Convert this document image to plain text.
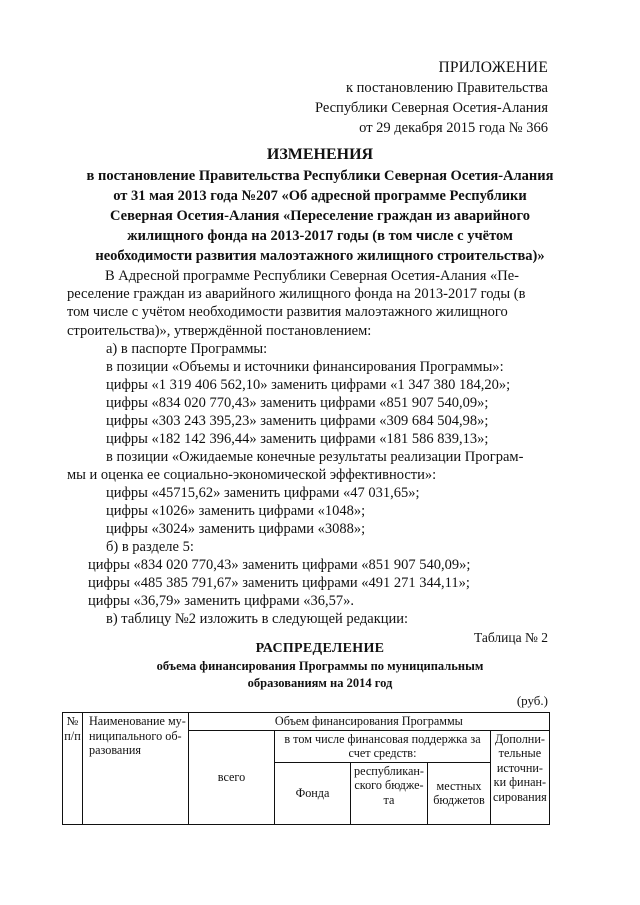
ПРИЛОЖЕНИЕ
к постановлению Правительства
Республики Северная Осетия-Алания
от 29 декабря 2015 года № 366
ИЗМЕНЕНИЯ
в постановление Правительства Республики Северная Осетия-Алания
от 31 мая 2013 года №207 «Об адресной программе Республики
Северная Осетия-Алания «Переселение граждан из аварийного
жилищного фонда на 2013-2017 годы (в том числе с учётом
необходимости развития малоэтажного жилищного строительства)»
В Адресной программе Республики Северная Осетия-Алания «Пе-
реселение граждан из аварийного жилищного фонда на 2013-2017 годы (в
том числе с учётом необходимости развития малоэтажного жилищного
строительства)», утверждённой постановлением:
а) в паспорте Программы:
в позиции «Объемы и источники финансирования Программы»:
цифры «1 319 406 562,10» заменить цифрами «1 347 380 184,20»;
цифры «834 020 770,43» заменить цифрами «851 907 540,09»;
цифры «303 243 395,23» заменить цифрами «309 684 504,98»;
цифры «182 142 396,44» заменить цифрами «181 586 839,13»;
в позиции «Ожидаемые конечные результаты реализации Програм-
мы и оценка ее социально-экономической эффективности»:
цифры «45715,62» заменить цифрами «47 031,65»;
цифры «1026» заменить цифрами «1048»;
цифры «3024» заменить цифрами «3088»;
б) в разделе 5:
цифры «834 020 770,43» заменить цифрами «851 907 540,09»;
цифры «485 385 791,67» заменить цифрами «491 271 344,11»;
цифры «36,79» заменить цифрами «36,57».
в) таблицу №2 изложить в следующей редакции:
Таблица № 2
РАСПРЕДЕЛЕНИЕ
объема финансирования Программы по муниципальным
образованиям на 2014 год
(руб.)
№
п/п	Наименование му-ниципального об-разования	Объем финансирования Программы				
		всего	в том числе финансовая поддержка за счет средств:			Дополни-тельные источни-ки финан-сирования
			Фонда	республикан-ского бюдже-та	местных бюджетов	
